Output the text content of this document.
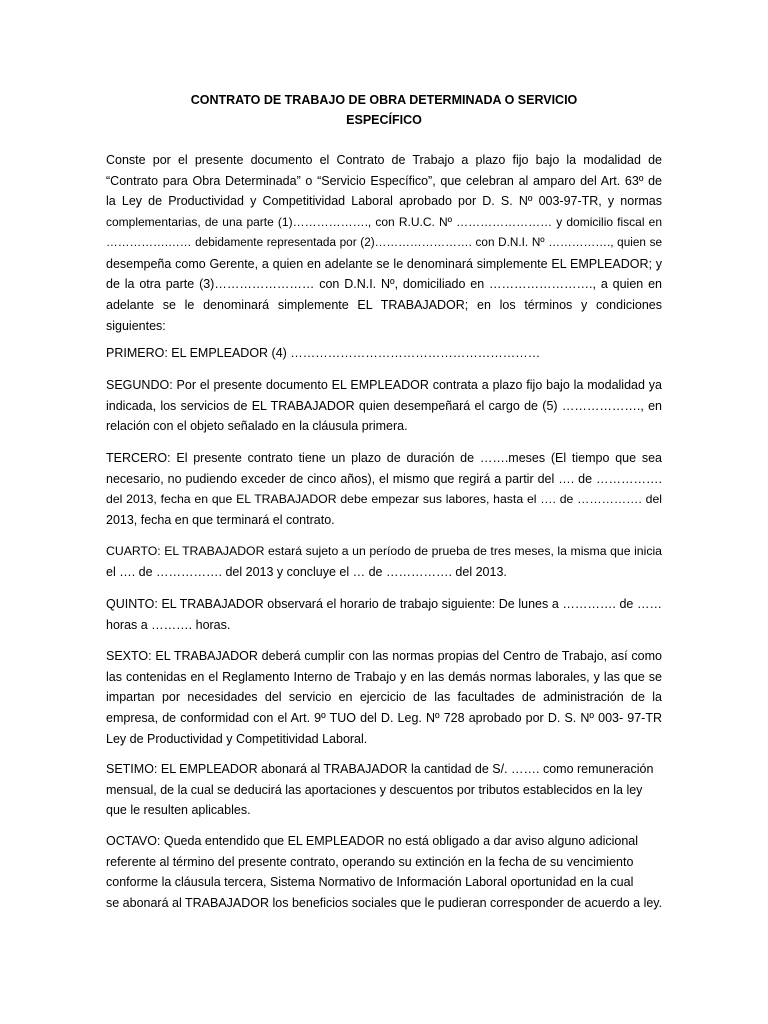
CONTRATO DE TRABAJO DE OBRA DETERMINADA O SERVICIO
ESPECÍFICO
Conste por el presente documento el Contrato de Trabajo a plazo fijo bajo la modalidad de
“Contrato para Obra Determinada” o “Servicio Específico”, que celebran al amparo del Art. 63º de
la Ley de Productividad y Competitividad Laboral aprobado por D. S. Nº 003-97-TR, y normas
complementarias, de una parte (1)………………., con R.U.C. Nº …………………… y domicilio fiscal en
…………….…… debidamente representada por (2)……………………. con D.N.I. Nº ……………., quien se
desempeña como Gerente, a quien en adelante se le denominará simplemente EL EMPLEADOR; y
de la otra parte (3)…………………… con D.N.I. Nº, domiciliado en ……………………., a quien en
adelante se le denominará simplemente EL TRABAJADOR; en los términos y condiciones
siguientes:
PRIMERO: EL EMPLEADOR (4) ……………………………………………………
SEGUNDO: Por el presente documento EL EMPLEADOR contrata a plazo fijo bajo la modalidad ya
indicada, los servicios de EL TRABAJADOR quien desempeñará el cargo de (5) ………………., en
relación con el objeto señalado en la cláusula primera.
TERCERO: El presente contrato tiene un plazo de duración de …….meses (El tiempo que sea
necesario, no pudiendo exceder de cinco años), el mismo que regirá a partir del …. de …………….
del 2013, fecha en que EL TRABAJADOR debe empezar sus labores, hasta el …. de ……………. del
2013, fecha en que terminará el contrato.
CUARTO: EL TRABAJADOR estará sujeto a un período de prueba de tres meses, la misma que inicia
el …. de ……………. del 2013 y concluye el … de ……………. del 2013.
QUINTO: EL TRABAJADOR observará el horario de trabajo siguiente: De lunes a …………. de ……
horas a ………. horas.
SEXTO: EL TRABAJADOR deberá cumplir con las normas propias del Centro de Trabajo, así como
las contenidas en el Reglamento Interno de Trabajo y en las demás normas laborales, y las que se
impartan por necesidades del servicio en ejercicio de las facultades de administración de la
empresa, de conformidad con el Art. 9º TUO del D. Leg. Nº 728 aprobado por D. S. Nº 003- 97-TR
Ley de Productividad y Competitividad Laboral.
SETIMO: EL EMPLEADOR abonará al TRABAJADOR la cantidad de S/. ……. como remuneración
mensual, de la cual se deducirá las aportaciones y descuentos por tributos establecidos en la ley
que le resulten aplicables.
OCTAVO: Queda entendido que EL EMPLEADOR no está obligado a dar aviso alguno adicional
referente al término del presente contrato, operando su extinción en la fecha de su vencimiento
conforme la cláusula tercera, Sistema Normativo de Información Laboral oportunidad en la cual
se abonará al TRABAJADOR los beneficios sociales que le pudieran corresponder de acuerdo a ley.
